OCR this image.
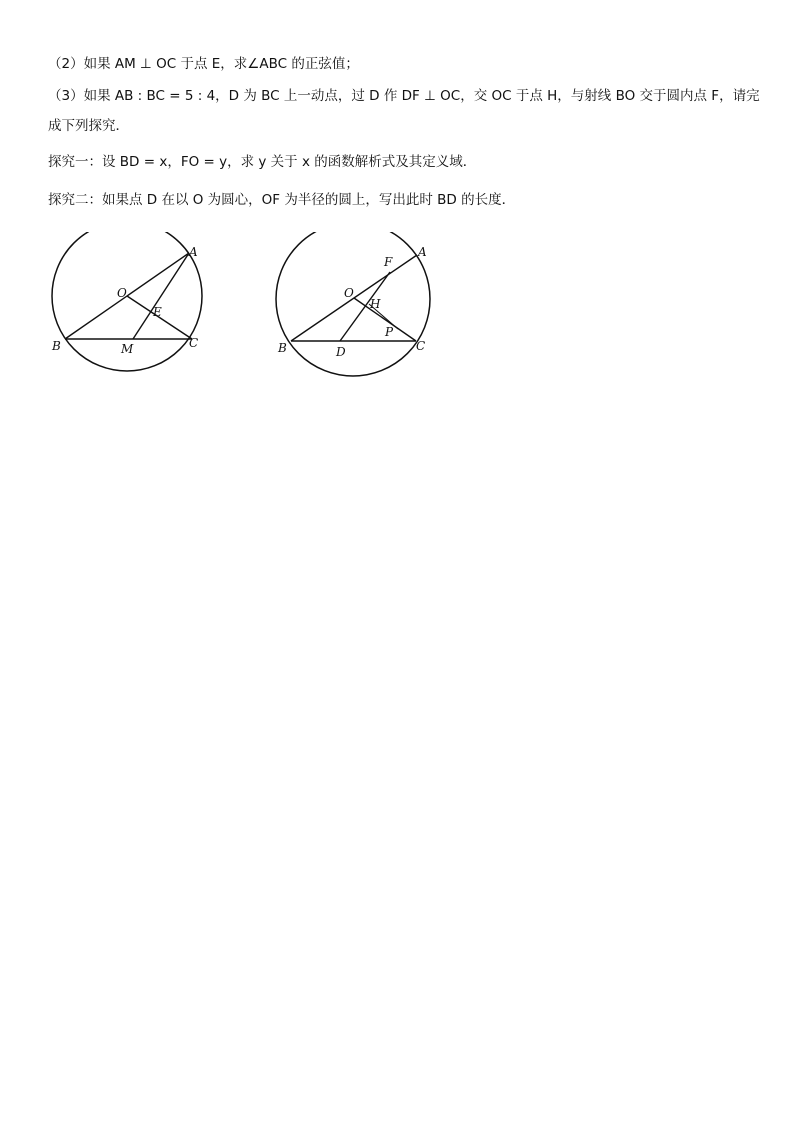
（2）如果 AM ⊥ OC 于点 E，求∠ABC 的正弦值；
（3）如果 AB : BC = 5 : 4，D 为 BC 上一动点，过 D 作 DF ⊥ OC，交 OC 于点 H，与射线 BO 交于圆内点 F，请完
成下列探究．
探究一：设 BD = x，FO = y，求 y 关于 x 的函数解析式及其定义域．
探究二：如果点 D 在以 O 为圆心，OF 为半径的圆上，写出此时 BD 的长度．
A
O
E
B	M	C
A
F
O
H
P
B	D	C
